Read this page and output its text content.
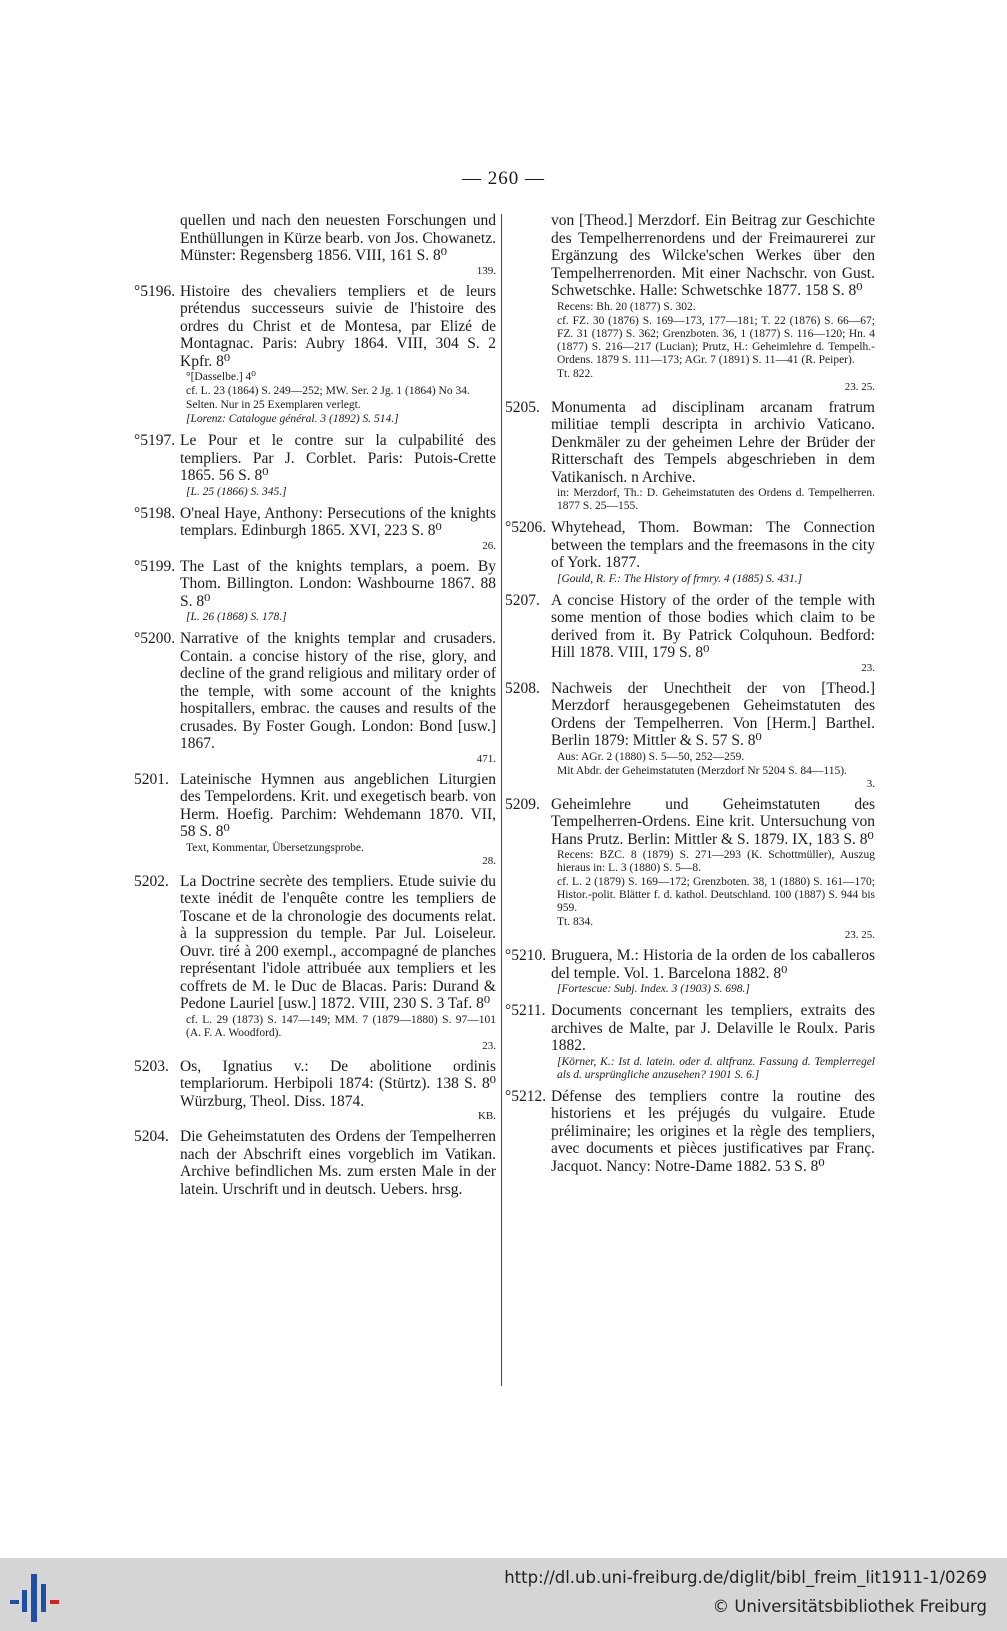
— 260 —
quellen und nach den neuesten Forschungen und Enthüllungen in Kürze bearb. von Jos. Chowanetz. Münster: Regensberg 1856. VIII, 161 S. 8⁰
139.
°5196. Histoire des chevaliers templiers et de leurs prétendus successeurs suivie de l'histoire des ordres du Christ et de Montesa, par Elizé de Montagnac. Paris: Aubry 1864. VIII, 304 S. 2 Kpfr. 8⁰
°[Dasselbe.] 4⁰
cf. L. 23 (1864) S. 249—252; MW. Ser. 2 Jg. 1 (1864) No 34.
Selten. Nur in 25 Exemplaren verlegt.
[Lorenz: Catalogue général. 3 (1892) S. 514.]
°5197. Le Pour et le contre sur la culpabilité des templiers. Par J. Corblet. Paris: Putois-Crette 1865. 56 S. 8⁰
[L. 25 (1866) S. 345.]
°5198. O'neal Haye, Anthony: Persecutions of the knights templars. Edinburgh 1865. XVI, 223 S. 8⁰
26.
°5199. The Last of the knights templars, a poem. By Thom. Billington. London: Washbourne 1867. 88 S. 8⁰
[L. 26 (1868) S. 178.]
°5200. Narrative of the knights templar and crusaders. Contain. a concise history of the rise, glory, and decline of the grand religious and military order of the temple, with some account of the knights hospitallers, embrac. the causes and results of the crusades. By Foster Gough. London: Bond [usw.] 1867.
471.
5201. Lateinische Hymnen aus angeblichen Liturgien des Tempelordens. Krit. und exegetisch bearb. von Herm. Hoefig. Parchim: Wehdemann 1870. VII, 58 S. 8⁰
Text, Kommentar, Übersetzungsprobe.
28.
5202. La Doctrine secrète des templiers. Etude suivie du texte inédit de l'enquête contre les templiers de Toscane et de la chronologie des documents relat. à la suppression du temple. Par Jul. Loiseleur. Ouvr. tiré à 200 exempl., accompagné de planches représentant l'idole attribuée aux templiers et les coffrets de M. le Duc de Blacas. Paris: Durand & Pedone Lauriel [usw.] 1872. VIII, 230 S. 3 Taf. 8⁰
cf. L. 29 (1873) S. 147—149; MM. 7 (1879—1880) S. 97—101 (A. F. A. Woodford).
23.
5203. Os, Ignatius v.: De abolitione ordinis templariorum. Herbipoli 1874: (Stürtz). 138 S. 8⁰ Würzburg, Theol. Diss. 1874.
KB.
5204. Die Geheimstatuten des Ordens der Tempelherren nach der Abschrift eines vorgeblich im Vatikan. Archive befindlichen Ms. zum ersten Male in der latein. Urschrift und in deutsch. Uebers. hrsg.
von [Theod.] Merzdorf. Ein Beitrag zur Geschichte des Tempelherrenordens und der Freimaurerei zur Ergänzung des Wilcke'schen Werkes über den Tempelherrenorden. Mit einer Nachschr. von Gust. Schwetschke. Halle: Schwetschke 1877. 158 S. 8⁰
Recens: Bh. 20 (1877) S. 302.
cf. FZ. 30 (1876) S. 169—173, 177—181; T. 22 (1876) S. 66—67; FZ. 31 (1877) S. 362; Grenzboten. 36, 1 (1877) S. 116—120; Hn. 4 (1877) S. 216—217 (Lucian); Prutz, H.: Geheimlehre d. Tempelh.-Ordens. 1879 S. 111—173; AGr. 7 (1891) S. 11—41 (R. Peiper).
Tt. 822.
23. 25.
5205. Monumenta ad disciplinam arcanam fratrum militiae templi descripta in archivio Vaticano. Denkmäler zu der geheimen Lehre der Brüder der Ritterschaft des Tempels abgeschrieben in dem Vatikanisch. n Archive.
in: Merzdorf, Th.: D. Geheimstatuten des Ordens d. Tempelherren. 1877 S. 25—155.
°5206. Whytehead, Thom. Bowman: The Connection between the templars and the freemasons in the city of York. 1877.
[Gould, R. F.: The History of frmry. 4 (1885) S. 431.]
5207. A concise History of the order of the temple with some mention of those bodies which claim to be derived from it. By Patrick Colquhoun. Bedford: Hill 1878. VIII, 179 S. 8⁰
23.
5208. Nachweis der Unechtheit der von [Theod.] Merzdorf herausgegebenen Geheimstatuten des Ordens der Tempelherren. Von [Herm.] Barthel. Berlin 1879: Mittler & S. 57 S. 8⁰
Aus: AGr. 2 (1880) S. 5—50, 252—259.
Mit Abdr. der Geheimstatuten (Merzdorf Nr 5204 S. 84—115).
3.
5209. Geheimlehre und Geheimstatuten des Tempelherren-Ordens. Eine krit. Untersuchung von Hans Prutz. Berlin: Mittler & S. 1879. IX, 183 S. 8⁰
Recens: BZC. 8 (1879) S. 271—293 (K. Schottmüller), Auszug hieraus in: L. 3 (1880) S. 5—8.
cf. L. 2 (1879) S. 169—172; Grenzboten. 38, 1 (1880) S. 161—170; Histor.-polit. Blätter f. d. kathol. Deutschland. 100 (1887) S. 944 bis 959.
Tt. 834.
23. 25.
°5210. Bruguera, M.: Historia de la orden de los caballeros del temple. Vol. 1. Barcelona 1882. 8⁰
[Fortescue: Subj. Index. 3 (1903) S. 698.]
°5211. Documents concernant les templiers, extraits des archives de Malte, par J. Delaville le Roulx. Paris 1882.
[Körner, K.: Ist d. latein. oder d. altfranz. Fassung d. Templerregel als d. ursprüngliche anzusehen? 1901 S. 6.]
°5212. Défense des templiers contre la routine des historiens et les préjugés du vulgaire. Etude préliminaire; les origines et la règle des templiers, avec documents et pièces justificatives par Franç. Jacquot. Nancy: Notre-Dame 1882. 53 S. 8⁰
http://dl.ub.uni-freiburg.de/diglit/bibl_freim_lit1911-1/0269
© Universitätsbibliothek Freiburg
